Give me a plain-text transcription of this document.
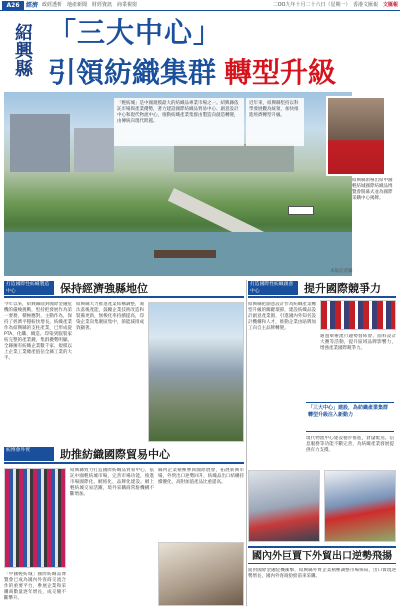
A26	經濟 政經透析　地產新聞　財經資訊　商業視窗	二OO九年十月二十六日（星期一）　香港文匯報 文匯報
紹興縣 「三大中心」
引領紡織集群 轉型升級
「輕紡城」是中國規模最大的紡織品專業市場之一。紹興縣依託市場與產業優勢，著力建設國際紡織品貿易中心、創意設計中心和現代物流中心，推動紡織產業集群由製造向創造轉變，由傳統向現代跨越。
近年來，紹興縣堅持以科學發展觀為統領，加快推進經濟轉型升級。
紹興縣領導出席中國輕紡城國際紡織品博覽會開幕式並為國際采購中心揭牌。
本報記者攝
打造國際性紡織製造中心	保持經濟強縣地位
今年以來，紹興縣面對國際金融危機的嚴峻挑戰，堅持把發展作為第一要務，積極應對、主動作為，保持了經濟平穩較快增長。紡織產業作為紹興縣的支柱產業，已形成從PTA、化纖、織造、印染到服裝家紡完整的產業鏈，集群優勢明顯。全縣擁有紡織企業數千家，規模以上企業工業總產值佔全縣工業的大半。
紹興縣大力推進產業結構調整，淘汰落後產能，鼓勵企業技術改造和裝備更新，無梭化率持續提高，印染企業向集聚區集中，節能減排成效顯著。
打造國際性紡織創意中心	提升國際競爭力
紹興縣把創意設計作為紡織產業轉型升級的關鍵環節，建設紡織品設計創意產業園，引進國內外知名設計機構和人才，推動企業由貼牌加工向自主品牌轉變。
通過舉辦流行趨勢發佈會、面料設計大賽等活動，提升區域品牌影響力，增強產業國際競爭力。
「三大中心」建設，為紡織產業集群轉型升級注入新動力
現代物流中心建設穩步推進，倉儲配送、信息服務等功能不斷完善，為紡織產業發展提供有力支撐。
紡博會外貿	助推紡織國際貿易中心
「中國輕紡城」國際紡織品博覽會已成為國內外客商交流合作的重要平台，參展企業和采購商數量逐年增長，成交額不斷攀升。
紹興縣致力打造國際紡織品貿易中心，依託中國輕紡城市場，完善市場功能，推進市場國際化、網絡化、品牌化建設。網上輕紡城交易活躍，境外采購商常駐機構不斷增加。
縣內企業積極參與國際展會，拓展新興市場，外貿出口逆勢回升，紡織品出口結構持續優化，高附加值產品比重提高。
國內外巨賈下外貿出口逆勢飛揚
面對國際金融危機衝擊，紹興縣外貿企業積極調整市場佈局，出口實現逆勢增長，國內外客商紛紛前來采購。
